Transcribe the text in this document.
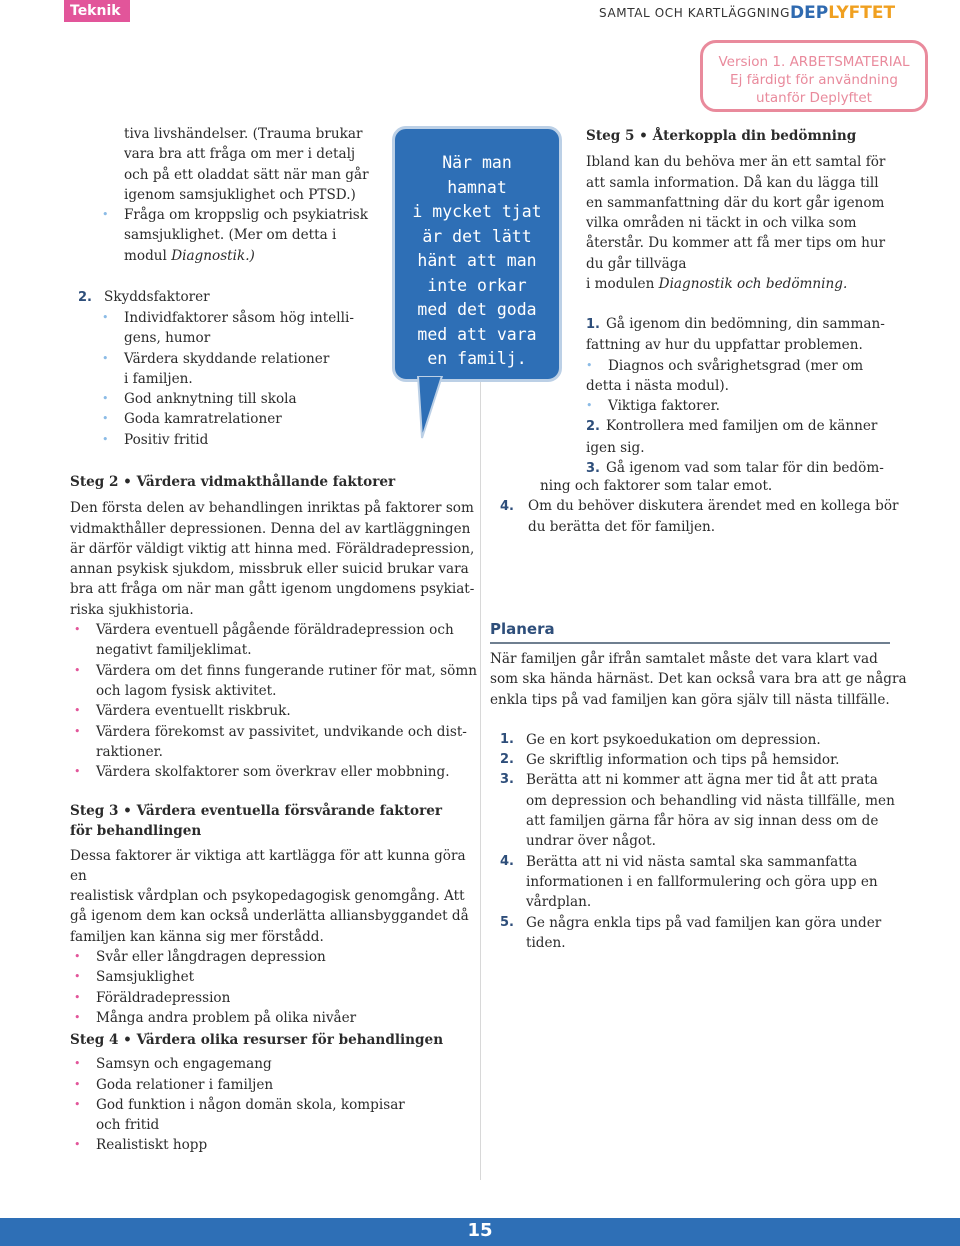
Teknik	SAMTAL OCH KARTLÄGGNING DEPLYFTET
Version 1. ARBETSMATERIAL
Ej färdigt för användning
utanför Deplyftet
När man
hamnat
i mycket tjat
är det lätt
hänt att man
inte orkar
med det goda
med att vara
en familj.

tiva livshändelser. (Trauma brukar

vara bra att fråga om mer i detalj

och på ett oladdat sätt när man går

igenom samsjuklighet och PTSD.)

• Fråga om kroppslig och psykiatrisk
samsjuklighet. (Mer om detta i
modul Diagnostik.)
2. Skyddsfaktorer
• Individfaktorer såsom hög intelli-
gens, humor
• Värdera skyddande relationer
i familjen.
• God anknytning till skola
• Goda kamratrelationer
• Positiv fritid

Steg 2 • Värdera vidmakthållande faktorer

Den första delen av behandlingen inriktas på faktorer som

vidmakthåller depressionen. Denna del av kartläggningen

är därför väldigt viktig att hinna med. Föräldradepression,

annan psykisk sjukdom, missbruk eller suicid brukar vara

bra att fråga om när man gått igenom ungdomens psykiat-

riska sjukhistoria.

• Värdera eventuell pågående föräldradepression och
negativt familjeklimat.
• Värdera om det finns fungerande rutiner för mat, sömn
och lagom fysisk aktivitet.
• Värdera eventuellt riskbruk.
• Värdera förekomst av passivitet, undvikande och dist-
raktioner.
• Värdera skolfaktorer som överkrav eller mobbning.

Steg 3 • Värdera eventuella försvårande faktorer

för behandlingen

Dessa faktorer är viktiga att kartlägga för att kunna göra en

realistisk vårdplan och psykopedagogisk genomgång. Att

gå igenom dem kan också underlätta alliansbyggandet då

familjen kan känna sig mer förstådd.

• Svår eller långdragen depression
• Samsjuklighet
• Föräldradepression
• Många andra problem på olika nivåer

Steg 4 • Värdera olika resurser för behandlingen

• Samsyn och engagemang
• Goda relationer i familjen
• God funktion i någon domän skola, kompisar
och fritid
• Realistiskt hopp

Steg 5 • Återkoppla din bedömning

Ibland kan du behöva mer än ett samtal för

att samla information. Då kan du lägga till

en sammanfattning där du kort går igenom

vilka områden ni täckt in och vilka som

återstår. Du kommer att få mer tips om hur

du går tillväga

i modulen Diagnostik och bedömning.

1. Gå igenom din bedömning, din samman-

fattning av hur du uppfattar problemen.

• Diagnos och svårighetsgrad (mer om

detta i nästa modul).

• Viktiga faktorer.

2. Kontrollera med familjen om de känner

igen sig.

3. Gå igenom vad som talar för din bedöm-

ning och faktorer som talar emot.

4. Om du behöver diskutera ärendet med en kollega bör

du berätta det för familjen.

Planera

När familjen går ifrån samtalet måste det vara klart vad

som ska hända härnäst. Det kan också vara bra att ge några

enkla tips på vad familjen kan göra själv till nästa tillfälle.

1. Ge en kort psykoedukation om depression.
2. Ge skriftlig information och tips på hemsidor.
3. Berätta att ni kommer att ägna mer tid åt att prata
om depression och behandling vid nästa tillfälle, men
att familjen gärna får höra av sig innan dess om de
undrar över något.
4. Berätta att ni vid nästa samtal ska sammanfatta
informationen i en fallformulering och göra upp en
vårdplan.
5. Ge några enkla tips på vad familjen kan göra under
tiden.
15
